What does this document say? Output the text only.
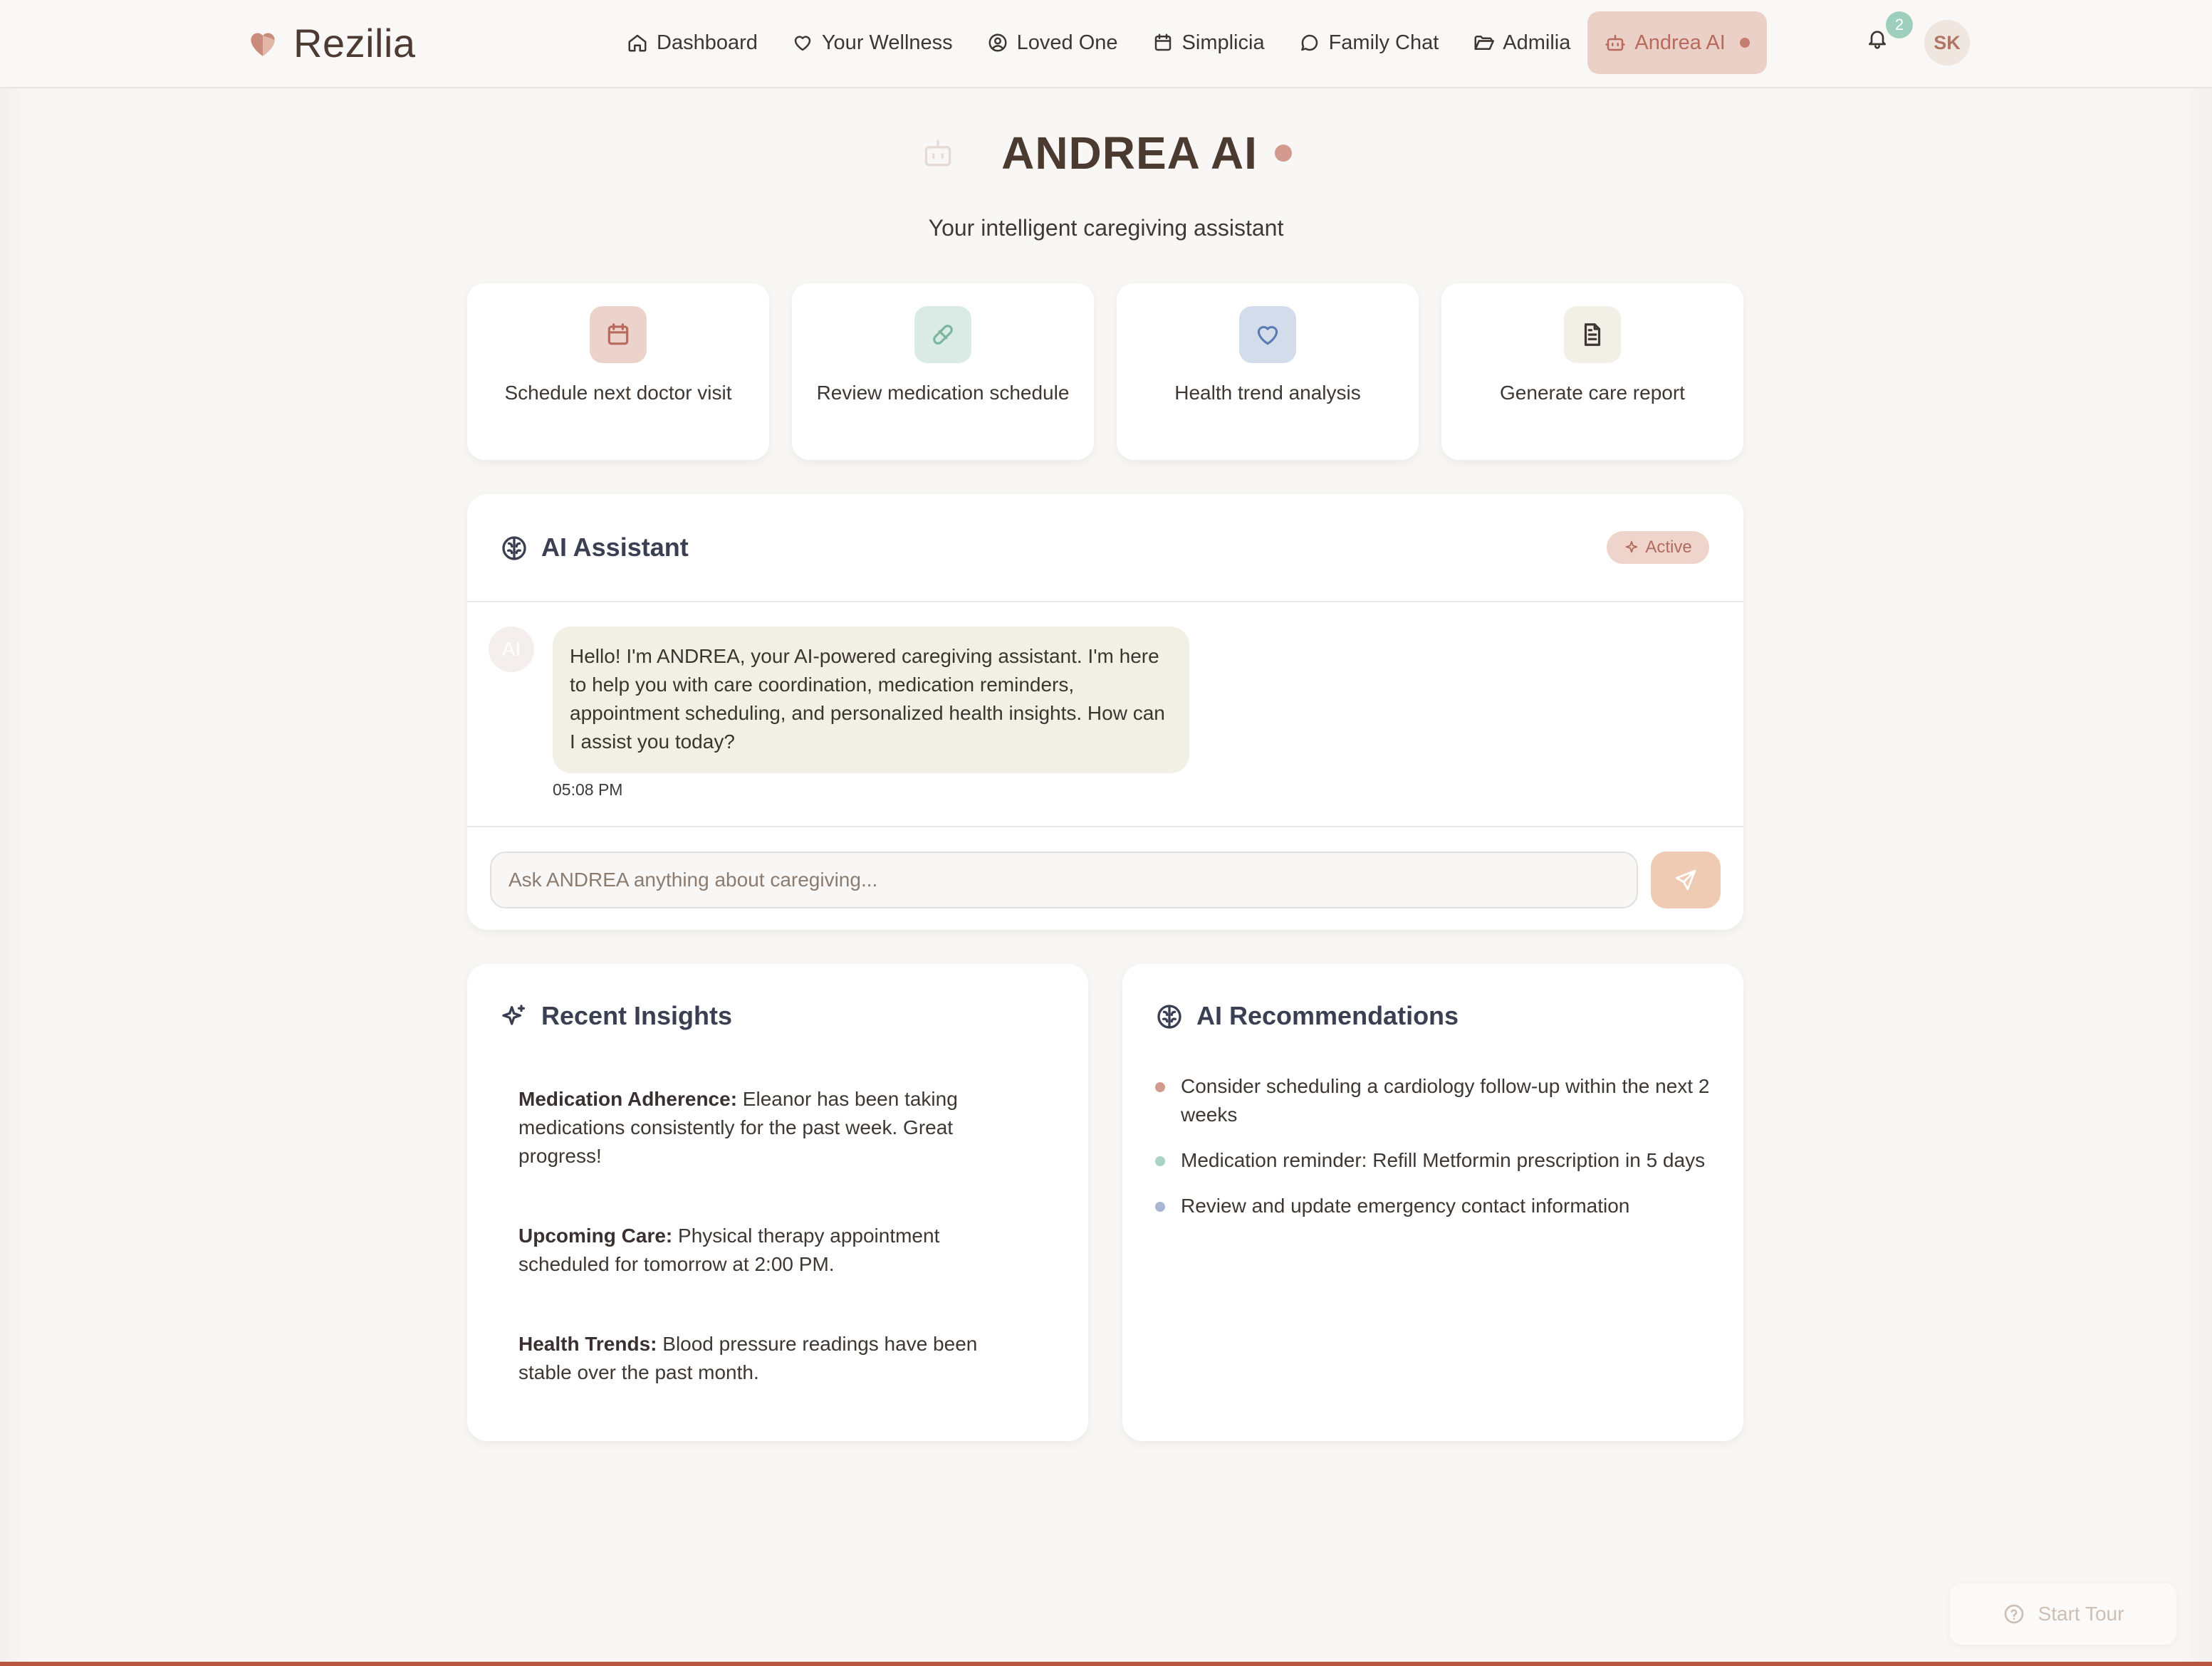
Rezilia	Dashboard	Your Wellness	Loved One	Simplicia	Family Chat	Admilia	Andrea AI
2
SK
ANDREA AI
Your intelligent caregiving assistant
Schedule next doctor visit	Review medication schedule	Health trend analysis	Generate care report
AI Assistant	Active
AI	Hello! I'm ANDREA, your AI-powered caregiving assistant. I'm here to help you with care coordination, medication reminders, appointment scheduling, and personalized health insights. How can I assist you today?
05:08 PM
Ask ANDREA anything about caregiving...
Recent Insights
Medication Adherence: Eleanor has been taking medications consistently for the past week. Great progress!
Upcoming Care: Physical therapy appointment scheduled for tomorrow at 2:00 PM.
Health Trends: Blood pressure readings have been stable over the past month.
AI Recommendations
Consider scheduling a cardiology follow-up within the next 2 weeks
Medication reminder: Refill Metformin prescription in 5 days
Review and update emergency contact information
Start Tour
